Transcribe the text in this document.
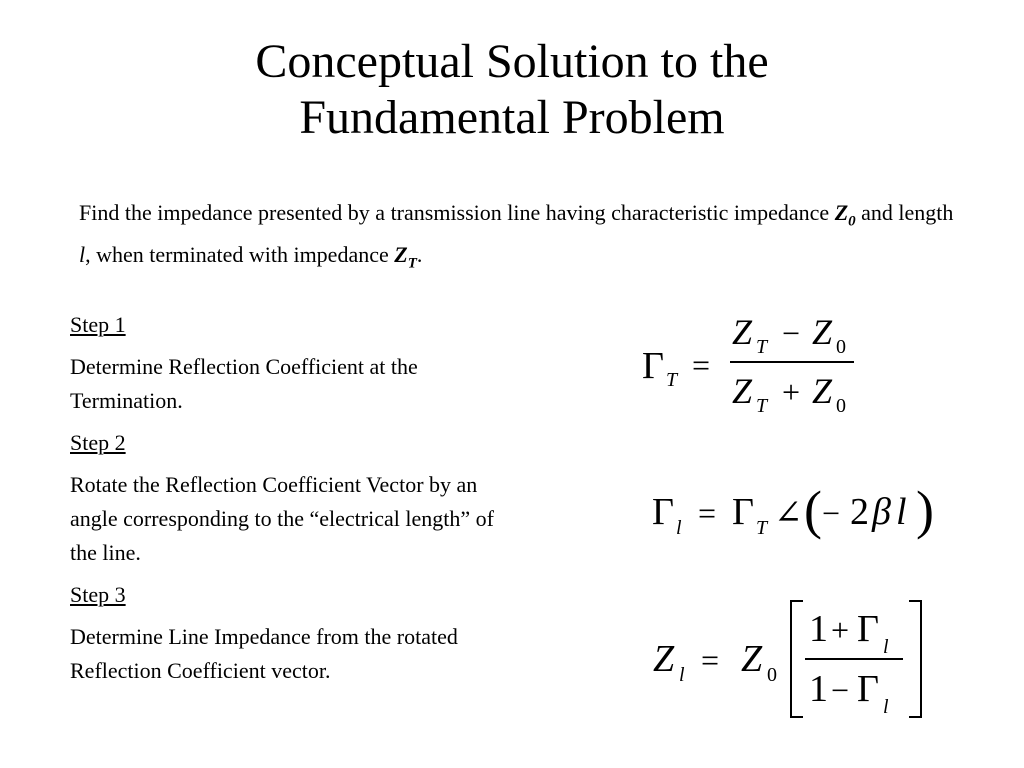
Conceptual Solution to the
Fundamental Problem
Find the impedance presented by a transmission line having characteristic impedance $Z_0$ and length l, when terminated with impedance $Z_T$.

Step 1

Determine Reflection Coefficient at the Termination.

Step 2

Rotate the Reflection Coefficient Vector by an angle corresponding to the “electrical length” of the line.

Step 3

Determine Line Impedance from the rotated Reflection Coefficient vector.

Γ T =
Z T − Z 0
Z T + Z 0
Γ l = Γ T ∠ ( − 2 β l )
Z l = Z 0
1 + Γ l
1 − Γ l
